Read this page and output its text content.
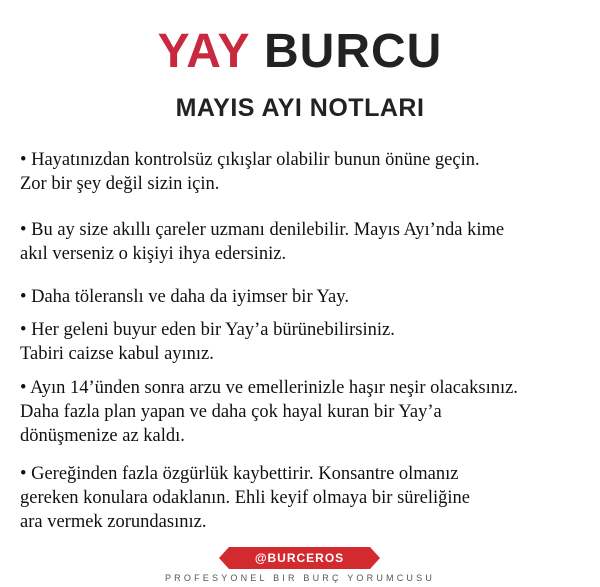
YAY BURCU
MAYIS AYI NOTLARI
• Hayatınızdan kontrolsüz çıkışlar olabilir bunun önüne geçin.
Zor bir şey değil sizin için.
• Bu ay size akıllı çareler uzmanı denilebilir. Mayıs Ayı’nda kime
akıl verseniz o kişiyi ihya edersiniz.
• Daha töleranslı ve daha da iyimser bir Yay.
• Her geleni buyur eden bir Yay’a bürünebilirsiniz.
Tabiri caizse kabul ayınız.
• Ayın 14’ünden sonra arzu ve emellerinizle haşır neşir olacaksınız.
Daha fazla plan yapan ve daha çok hayal kuran bir Yay’a
dönüşmenize az kaldı.
• Gereğinden fazla özgürlük kaybettirir. Konsantre olmanız
gereken konulara odaklanın. Ehli keyif olmaya bir süreliğine
ara vermek zorundasınız.
@BURCEROS
PROFESYONEL BIR BURÇ YORUMCUSU
